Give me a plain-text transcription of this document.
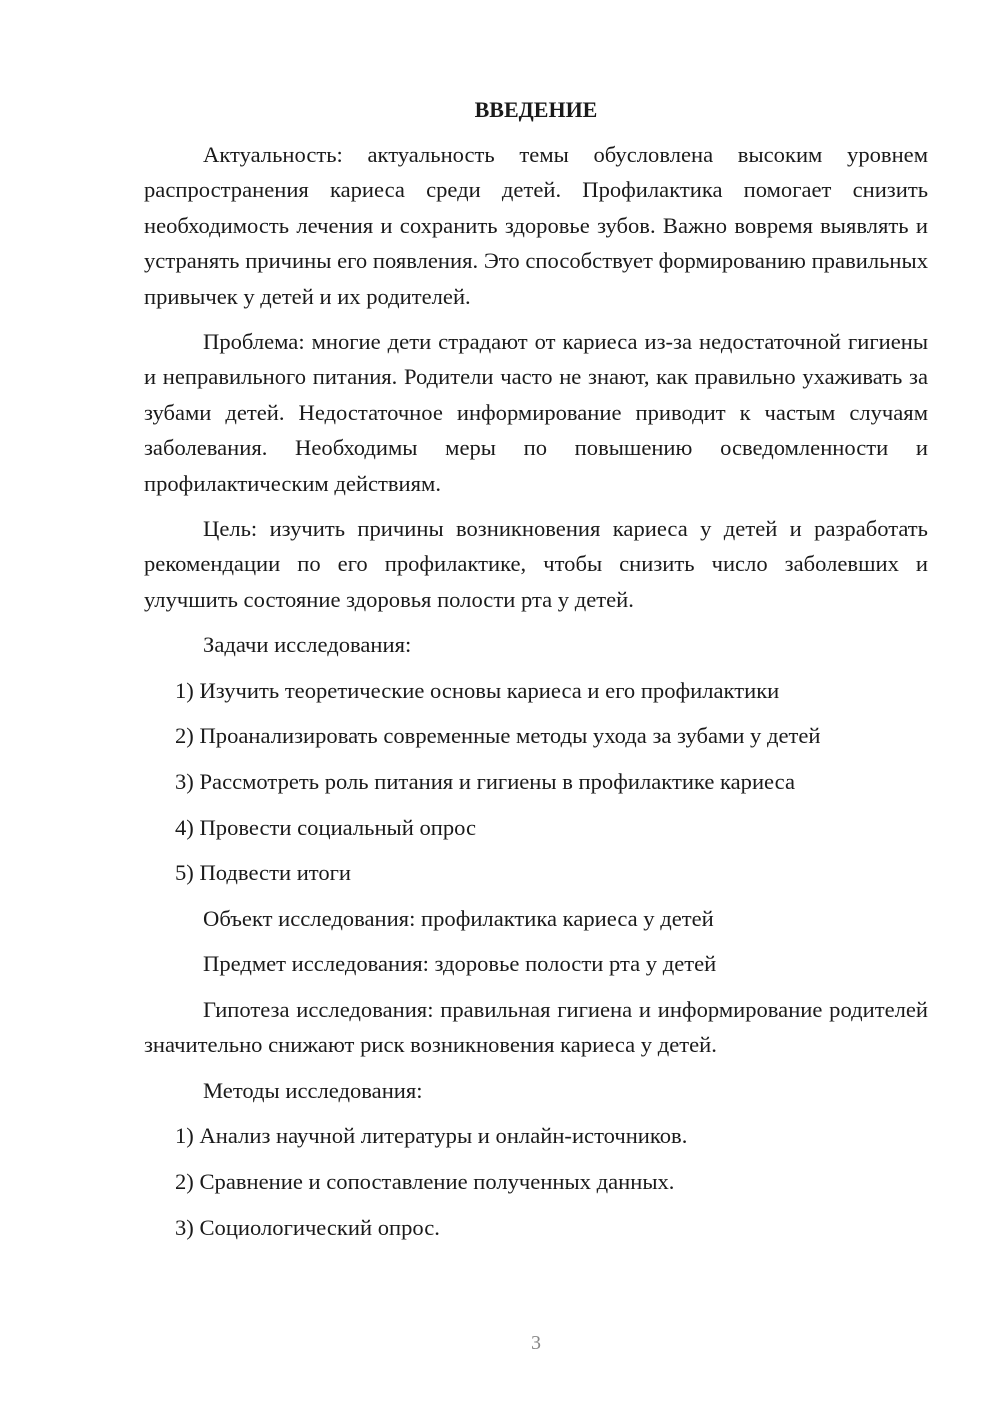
ВВЕДЕНИЕ

Актуальность: актуальность темы обусловлена высоким уровнем распространения кариеса среди детей. Профилактика помогает снизить необходимость лечения и сохранить здоровье зубов. Важно вовремя выявлять и устранять причины его появления. Это способствует формированию правильных привычек у детей и их родителей.

Проблема: многие дети страдают от кариеса из-за недостаточной гигиены и неправильного питания. Родители часто не знают, как правильно ухаживать за зубами детей. Недостаточное информирование приводит к частым случаям заболевания. Необходимы меры по повышению осведомленности и профилактическим действиям.

Цель: изучить причины возникновения кариеса у детей и разработать рекомендации по его профилактике, чтобы снизить число заболевших и улучшить состояние здоровья полости рта у детей.

Задачи исследования:
1) Изучить теоретические основы кариеса и его профилактики
2) Проанализировать современные методы ухода за зубами у детей
3) Рассмотреть роль питания и гигиены в профилактике кариеса
4) Провести социальный опрос
5) Подвести итоги
Объект исследования: профилактика кариеса у детей
Предмет исследования: здоровье полости рта у детей

Гипотеза исследования: правильная гигиена и информирование родителей значительно снижают риск возникновения кариеса у детей.

Методы исследования:
1) Анализ научной литературы и онлайн-источников.
2) Сравнение и сопоставление полученных данных.
3) Социологический опрос.
3
